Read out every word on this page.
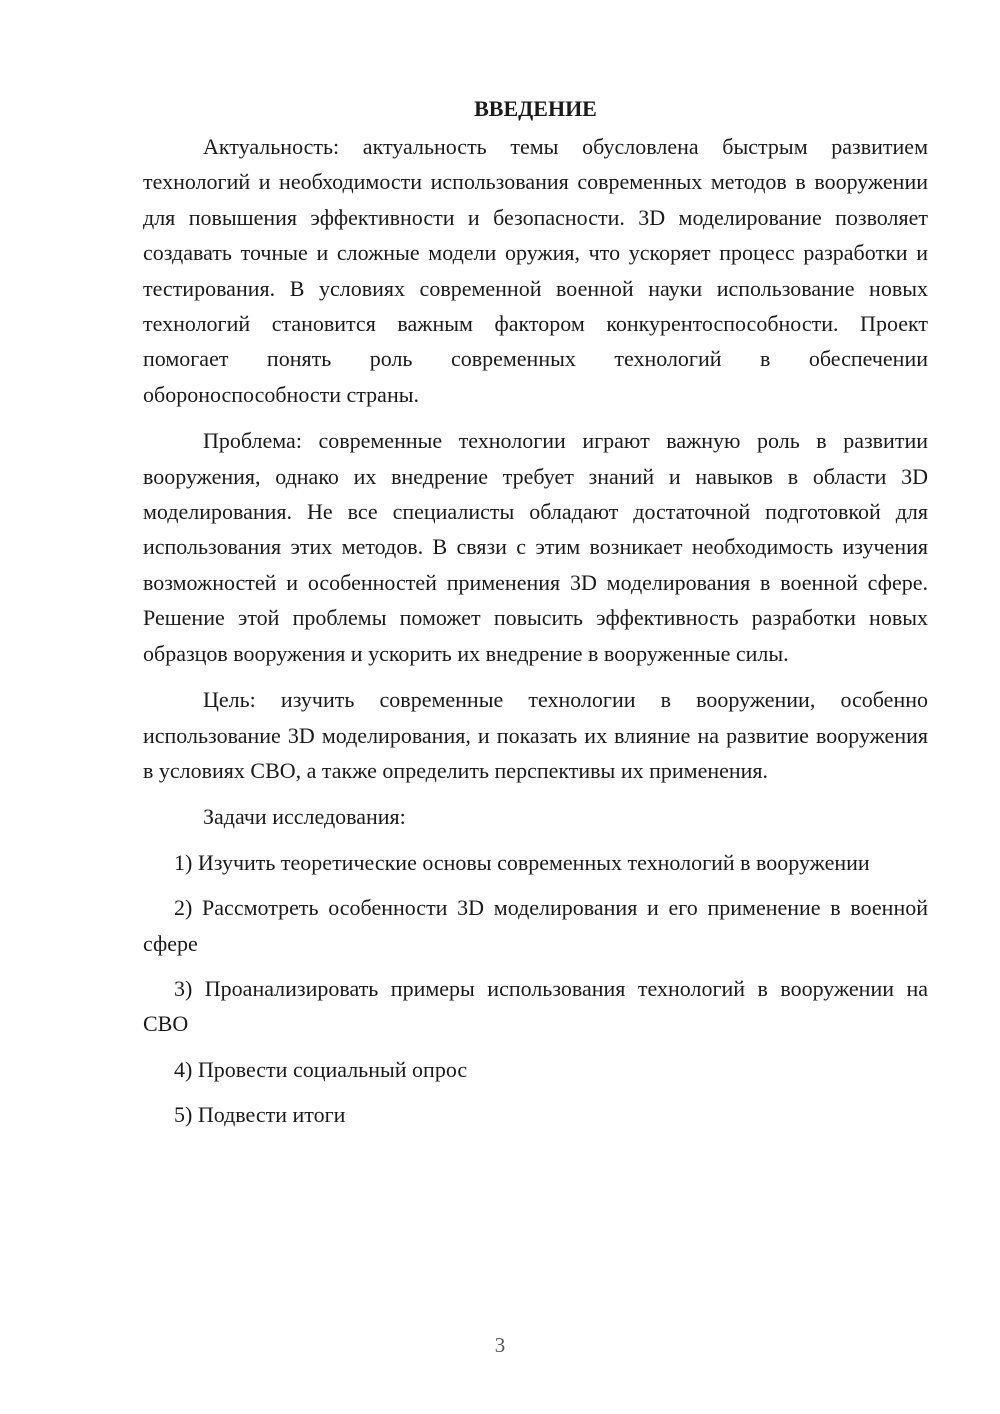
ВВЕДЕНИЕ

Актуальность: актуальность темы обусловлена быстрым развитием технологий и необходимости использования современных методов в вооружении для повышения эффективности и безопасности. 3D моделирование позволяет создавать точные и сложные модели оружия, что ускоряет процесс разработки и тестирования. В условиях современной военной науки использование новых технологий становится важным фактором конкурентоспособности. Проект помогает понять роль современных технологий в обеспечении обороноспособности страны.

Проблема: современные технологии играют важную роль в развитии вооружения, однако их внедрение требует знаний и навыков в области 3D моделирования. Не все специалисты обладают достаточной подготовкой для использования этих методов. В связи с этим возникает необходимость изучения возможностей и особенностей применения 3D моделирования в военной сфере. Решение этой проблемы поможет повысить эффективность разработки новых образцов вооружения и ускорить их внедрение в вооруженные силы.

Цель: изучить современные технологии в вооружении, особенно использование 3D моделирования, и показать их влияние на развитие вооружения в условиях СВО, а также определить перспективы их применения.

Задачи исследования:

1) Изучить теоретические основы современных технологий в вооружении

2) Рассмотреть особенности 3D моделирования и его применение в военной сфере

3) Проанализировать примеры использования технологий в вооружении на СВО

4) Провести социальный опрос

5) Подвести итоги

3
